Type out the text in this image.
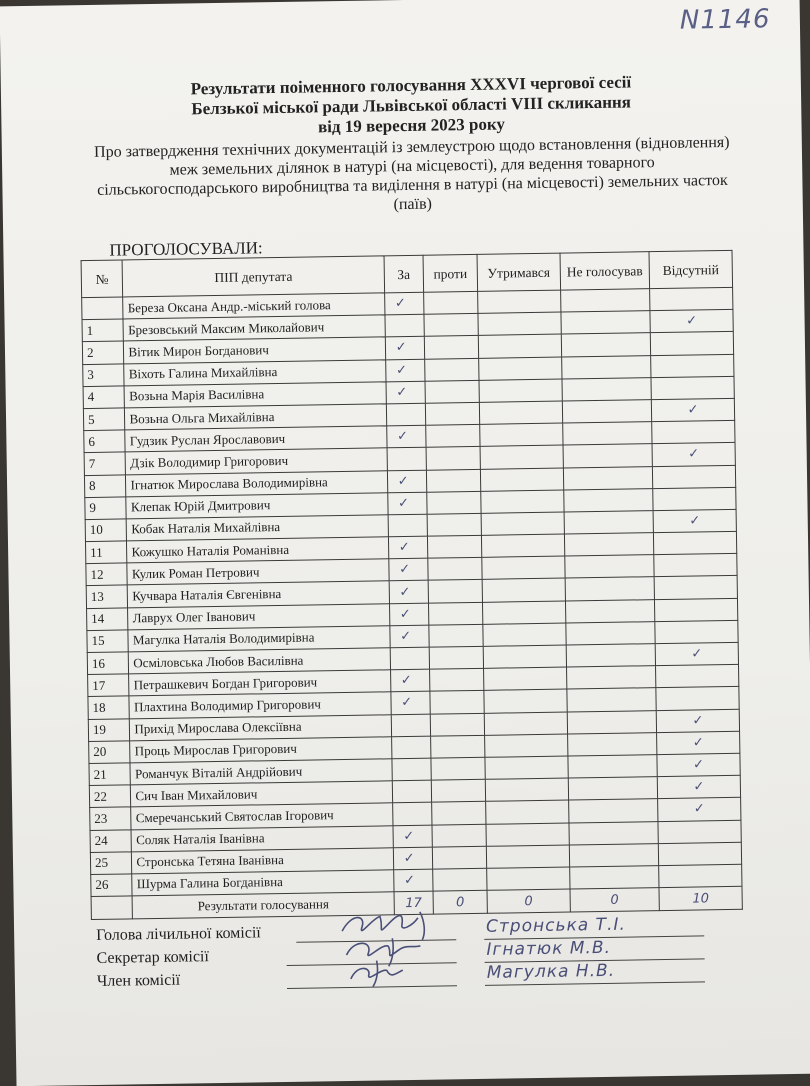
N1146
Результати поіменного голосування XXXVI чергової сесії
Белзької міської ради Львівської області VIII скликання
від 19 вересня 2023 року
Про затвердження технічних документацій із землеустрою щодо встановлення (відновлення) меж земельних ділянок в натурі (на місцевості), для ведення товарного сільськогосподарського виробництва та виділення в натурі (на місцевості) земельних часток (паїв)
ПРОГОЛОСУВАЛИ:
№	ПІП депутата	За	проти	Утримався	Не голосував	Відсутній
	Береза Оксана Андр.-міський голова	✓				
1	Брезовський Максим Миколайович					✓
2	Вітик Мирон Богданович	✓				
3	Віхоть Галина Михайлівна	✓				
4	Возьна Марія Василівна	✓				
5	Возьна Ольга Михайлівна					✓
6	Гудзик Руслан Ярославович	✓				
7	Дзік Володимир Григорович					✓
8	Ігнатюк Мирослава Володимирівна	✓				
9	Клепак Юрій Дмитрович	✓				
10	Кобак Наталія Михайлівна					✓
11	Кожушко Наталія Романівна	✓				
12	Кулик Роман Петрович	✓				
13	Кучвара Наталія Євгенівна	✓				
14	Лаврух Олег Іванович	✓				
15	Магулка Наталія Володимирівна	✓				
16	Осміловська Любов Василівна					✓
17	Петрашкевич Богдан Григорович	✓				
18	Плахтина Володимир Григорович	✓				
19	Прихід Мирослава Олексіївна					✓
20	Проць Мирослав Григорович					✓
21	Романчук Віталій Андрійович					✓
22	Сич Іван Михайлович					✓
23	Смеречанський Святослав Ігорович					✓
24	Соляк Наталія Іванівна	✓				
25	Стронська Тетяна Іванівна	✓				
26	Шурма Галина Богданівна	✓				
	Результати голосування	17	0	0	0	10
Голова лічильної комісії	Стронська Т.І.
Секретар комісії	Ігнатюк М.В.
Член комісії	Магулка Н.В.
